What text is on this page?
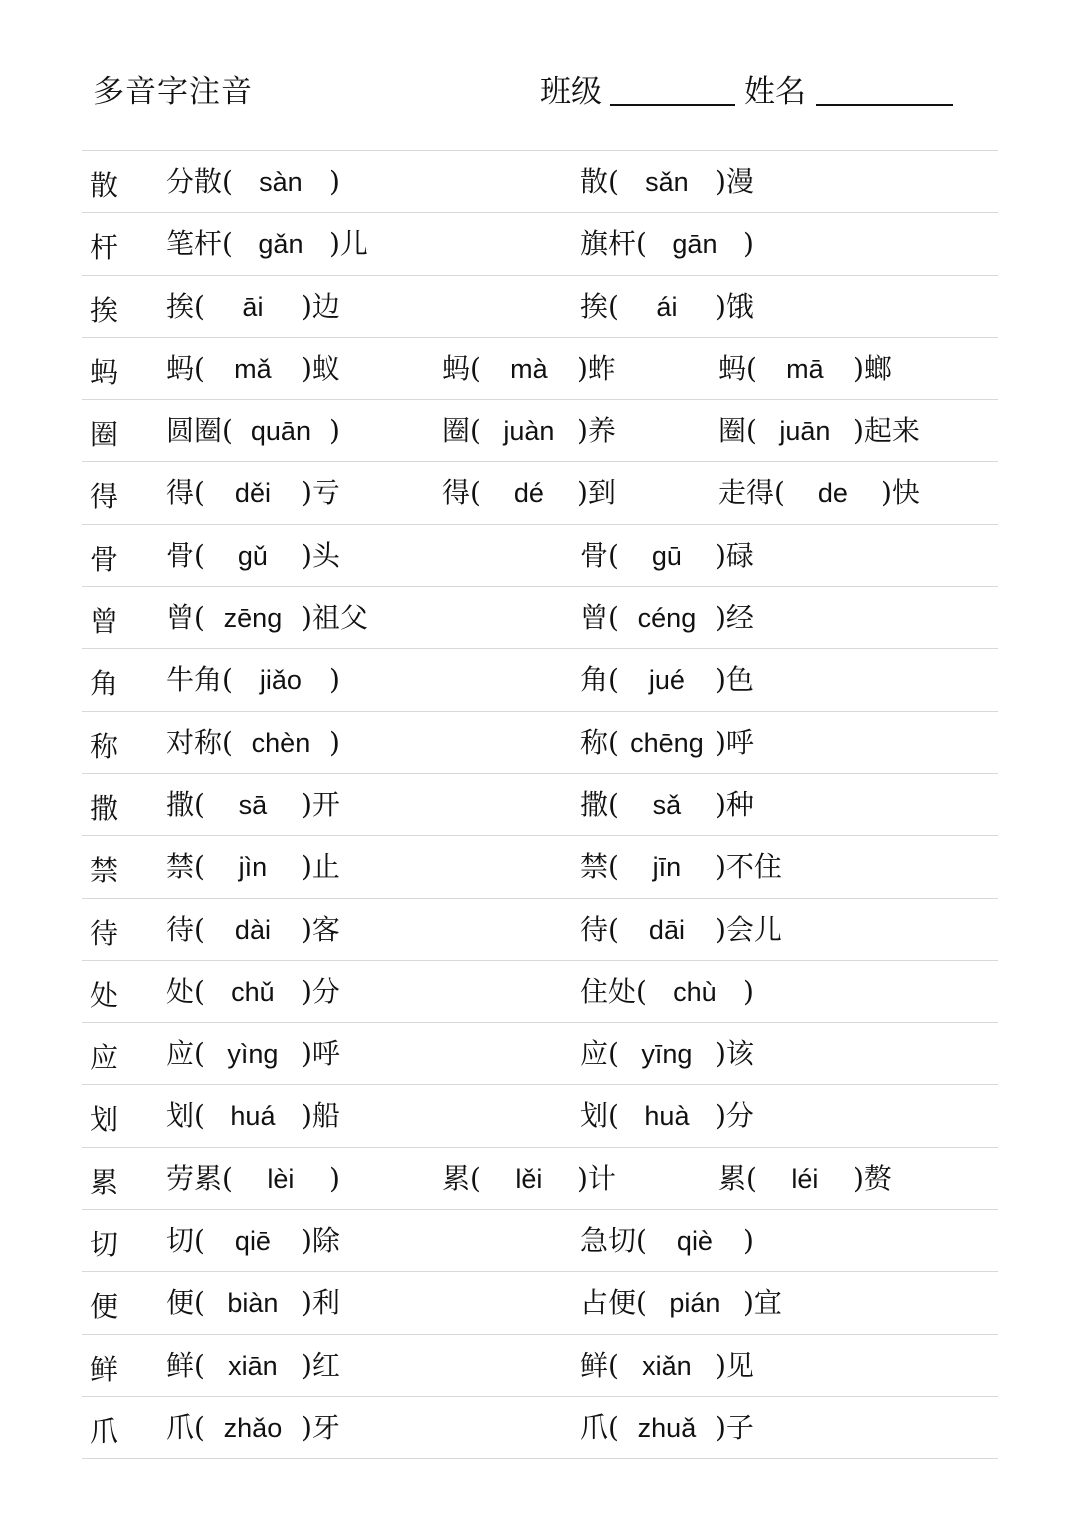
多音字注音	班级	姓名
散 分散( sàn )	散( sǎn )漫
杆 笔杆( gǎn )儿	旗杆( gān )
挨 挨( āi )边	挨( ái )饿
蚂 蚂( mǎ )蚁	蚂( mà )蚱	蚂( mā )螂
圈 圆圈( quān )	圈( juàn )养	圈( juān )起来
得 得( děi )亏	得( dé )到	走得( de )快
骨 骨( gǔ )头	骨( gū )碌
曾 曾( zēng )祖父	曾( céng )经
角 牛角( jiǎo )	角( jué )色
称 对称( chèn )	称( chēng )呼
撒 撒( sā )开	撒( sǎ )种
禁 禁( jìn )止	禁( jīn )不住
待 待( dài )客	待( dāi )会儿
处 处( chǔ )分	住处( chù )
应 应( yìng )呼	应( yīng )该
划 划( huá )船	划( huà )分
累 劳累( lèi )	累( lěi )计	累( léi )赘
切 切( qiē )除	急切( qiè )
便 便( biàn )利	占便( pián )宜
鲜 鲜( xiān )红	鲜( xiǎn )见
爪 爪( zhǎo )牙	爪( zhuǎ )子
